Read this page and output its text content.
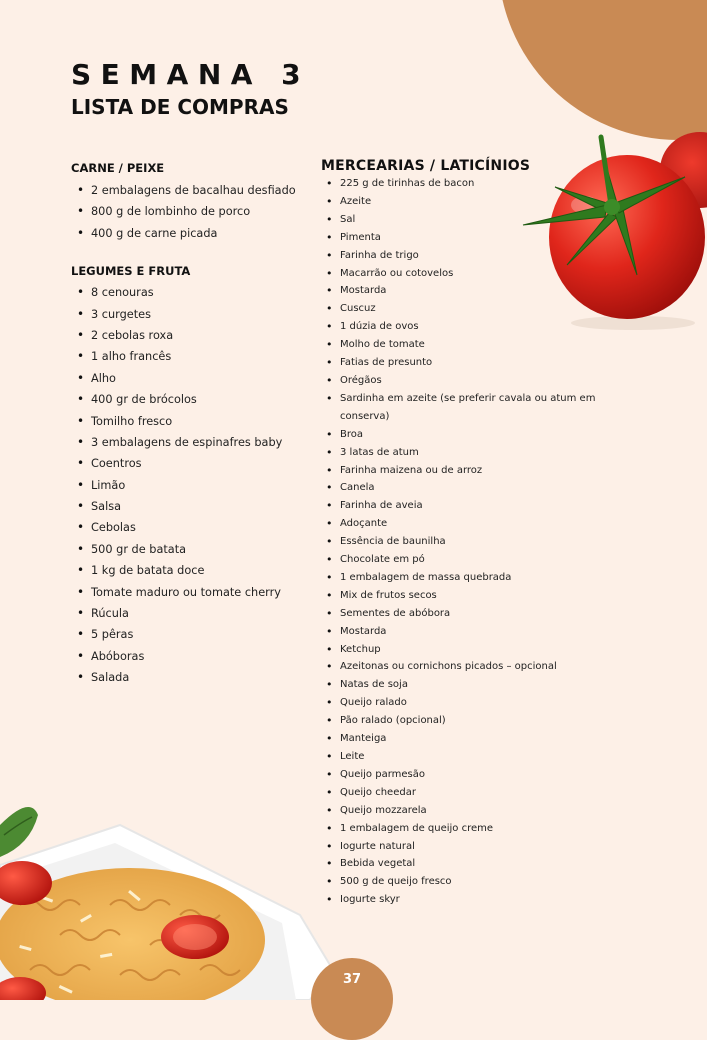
SEMANA 3
LISTA DE COMPRAS
CARNE / PEIXE
• 2 embalagens de bacalhau desfiado
• 800 g de lombinho de porco
• 400 g de carne picada
LEGUMES E FRUTA
• 8 cenouras
• 3 curgetes
• 2 cebolas roxa
• 1 alho francês
• Alho
• 400 gr de brócolos
• Tomilho fresco
• 3 embalagens de espinafres baby
• Coentros
• Limão
• Salsa
• Cebolas
• 500 gr de batata
• 1 kg de batata doce
• Tomate maduro ou tomate cherry
• Rúcula
• 5 pêras
• Abóboras
• Salada
MERCEARIAS / LATICÍNIOS
• 225 g de tirinhas de bacon
• Azeite
• Sal
• Pimenta
• Farinha de trigo
• Macarrão ou cotovelos
• Mostarda
• Cuscuz
• 1 dúzia de ovos
• Molho de tomate
• Fatias de presunto
• Orégãos
• Sardinha em azeite (se preferir cavala ou atum em conserva)
• Broa
• 3 latas de atum
• Farinha maizena ou de arroz
• Canela
• Farinha de aveia
• Adoçante
• Essência de baunilha
• Chocolate em pó
• 1 embalagem de massa quebrada
• Mix de frutos secos
• Sementes de abóbora
• Mostarda
• Ketchup
• Azeitonas ou cornichons picados – opcional
• Natas de soja
• Queijo ralado
• Pão ralado (opcional)
• Manteiga
• Leite
• Queijo parmesão
• Queijo cheedar
• Queijo mozzarela
• 1 embalagem de queijo creme
• Iogurte natural
• Bebida vegetal
• 500 g de queijo fresco
• Iogurte skyr
37
